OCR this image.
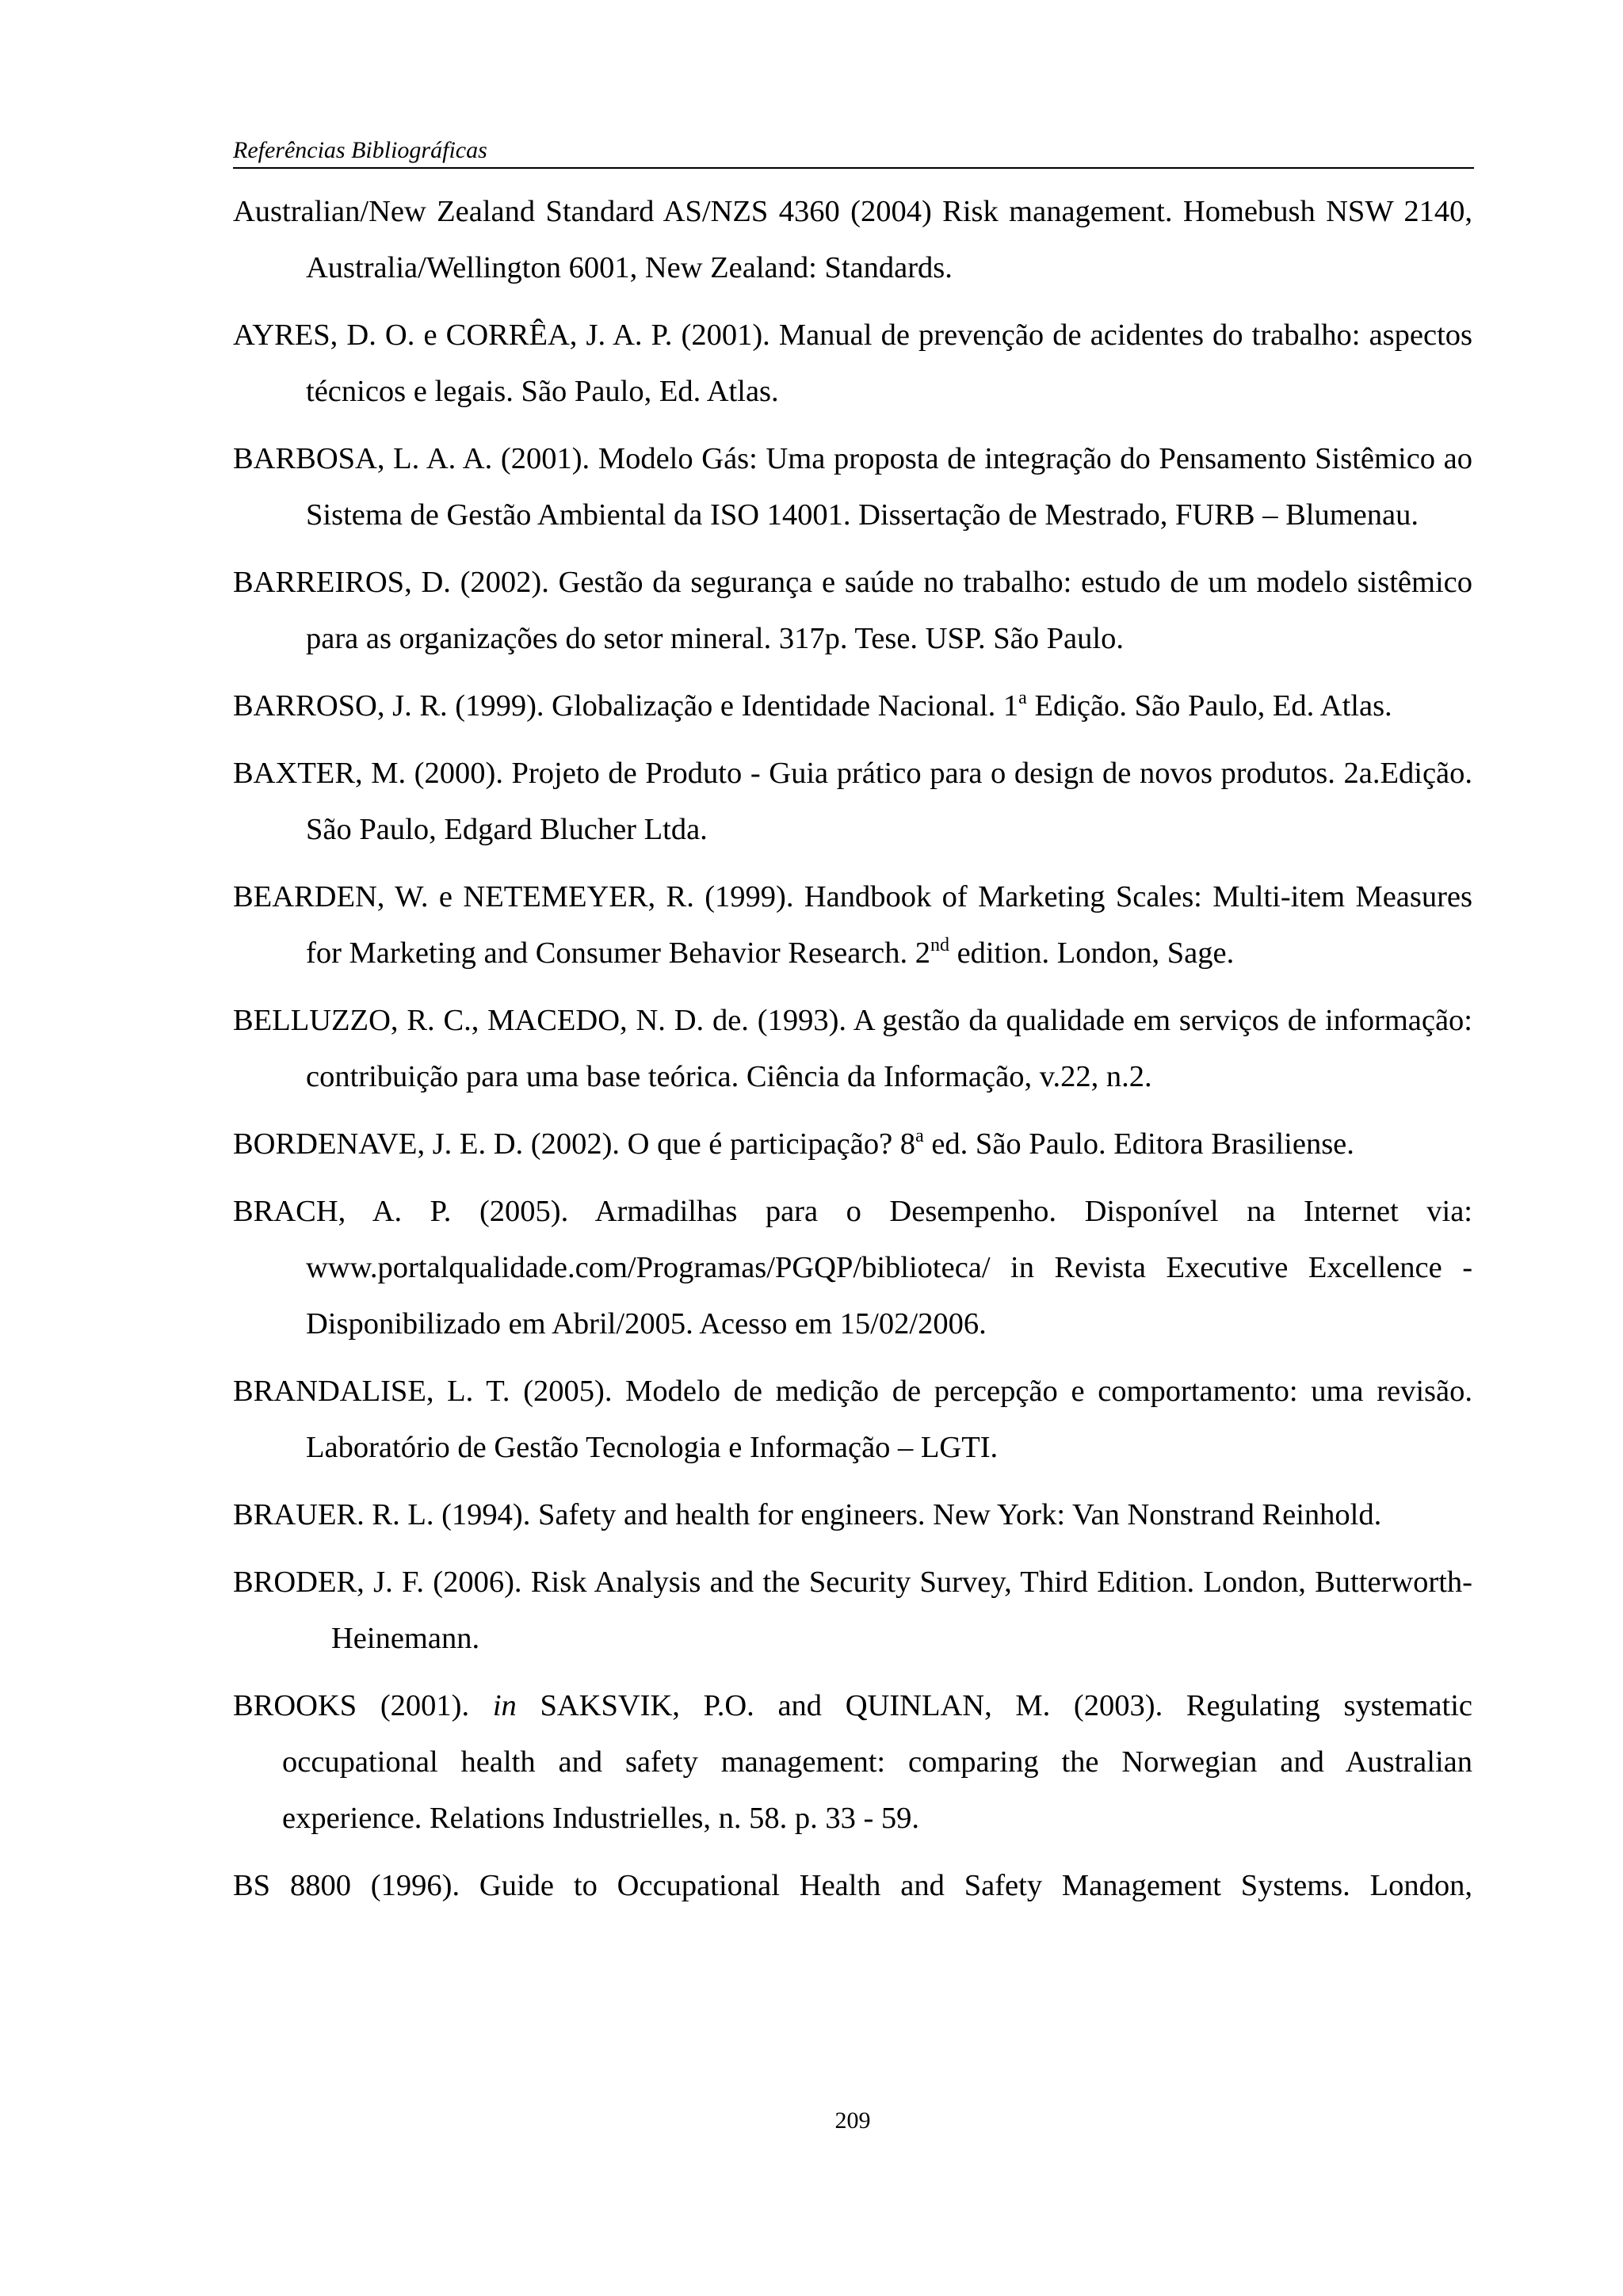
Referências Bibliográficas

Australian/New Zealand Standard AS/NZS 4360 (2004) Risk management. Homebush NSW 2140, Australia/Wellington 6001, New Zealand: Standards.

AYRES, D. O. e CORRÊA, J. A. P. (2001). Manual de prevenção de acidentes do trabalho: aspectos técnicos e legais. São Paulo, Ed. Atlas.

BARBOSA, L. A. A. (2001). Modelo Gás: Uma proposta de integração do Pensamento Sistêmico ao Sistema de Gestão Ambiental da ISO 14001. Dissertação de Mestrado, FURB – Blumenau.

BARREIROS, D. (2002). Gestão da segurança e saúde no trabalho: estudo de um modelo sistêmico para as organizações do setor mineral. 317p. Tese. USP. São Paulo.

BARROSO, J. R. (1999). Globalização e Identidade Nacional. 1$^a$ Edição. São Paulo, Ed. Atlas.

BAXTER, M. (2000). Projeto de Produto - Guia prático para o design de novos produtos. 2a.Edição. São Paulo, Edgard Blucher Ltda.

BEARDEN, W. e NETEMEYER, R. (1999). Handbook of Marketing Scales: Multi-item Measures for Marketing and Consumer Behavior Research. 2nd edition. London, Sage.

BELLUZZO, R. C., MACEDO, N. D. de. (1993). A gestão da qualidade em serviços de informação: contribuição para uma base teórica. Ciência da Informação, v.22, n.2.

BORDENAVE, J. E. D. (2002). O que é participação? 8$^a$ ed. São Paulo. Editora Brasiliense.

BRACH, A. P. (2005). Armadilhas para o Desempenho. Disponível na Internet via: www.portalqualidade.com/Programas/PGQP/biblioteca/ in Revista Executive Excellence - Disponibilizado em Abril/2005. Acesso em 15/02/2006.

BRANDALISE, L. T. (2005). Modelo de medição de percepção e comportamento: uma revisão. Laboratório de Gestão Tecnologia e Informação – LGTI.

BRAUER. R. L. (1994). Safety and health for engineers. New York: Van Nonstrand Reinhold.

BRODER, J. F. (2006). Risk Analysis and the Security Survey, Third Edition. London, Butterworth-Heinemann.

BROOKS (2001). in SAKSVIK, P.O. and QUINLAN, M. (2003). Regulating systematic occupational health and safety management: comparing the Norwegian and Australian experience. Relations Industrielles, n. 58. p. 33 - 59.

BS 8800 (1996). Guide to Occupational Health and Safety Management Systems. London,

209
